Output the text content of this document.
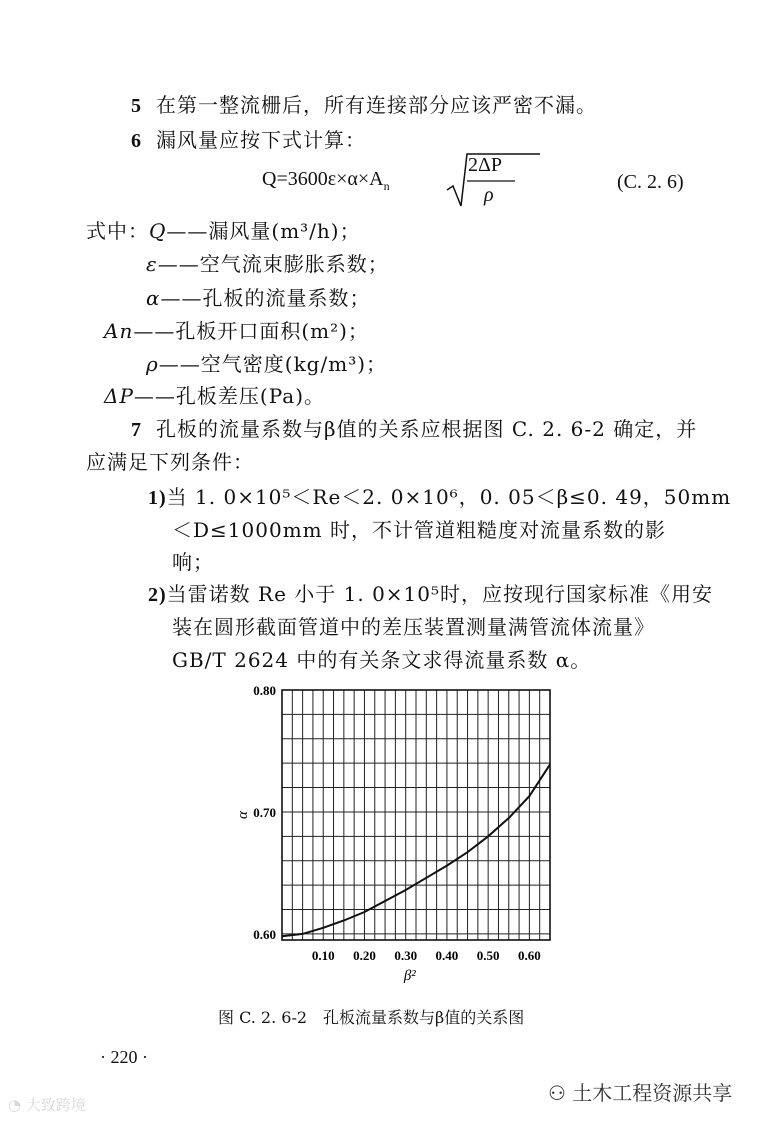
5 在第一整流栅后，所有连接部分应该严密不漏。
6 漏风量应按下式计算：
$Q=3600\varepsilon\times\alpha\times A_n$
2ΔP
ρ
(C. 2. 6)
式中：Q——漏风量(m³/h)；
ε——空气流束膨胀系数；
α——孔板的流量系数；
An——孔板开口面积(m²)；
ρ——空气密度(kg/m³)；
ΔP——孔板差压(Pa)。
7 孔板的流量系数与β值的关系应根据图 C. 2. 6-2 确定，并
应满足下列条件：
1)当 1. 0×10⁵＜Re＜2. 0×10⁶，0. 05＜β≤0. 49，50mm
＜D≤1000mm 时，不计管道粗糙度对流量系数的影
响；
2)当雷诺数 Re 小于 1. 0×10⁵时，应按现行国家标准《用安
装在圆形截面管道中的差压装置测量满管流体流量》
GB/T 2624 中的有关条文求得流量系数 α。
0.10 0.20 0.30 0.40 0.50 0.60
0.60
0.70
0.80
β²
α
图 C. 2. 6-2　孔板流量系数与β值的关系图
· 220 ·
⚇ 土木工程资源共享
◔ 大致跨境
